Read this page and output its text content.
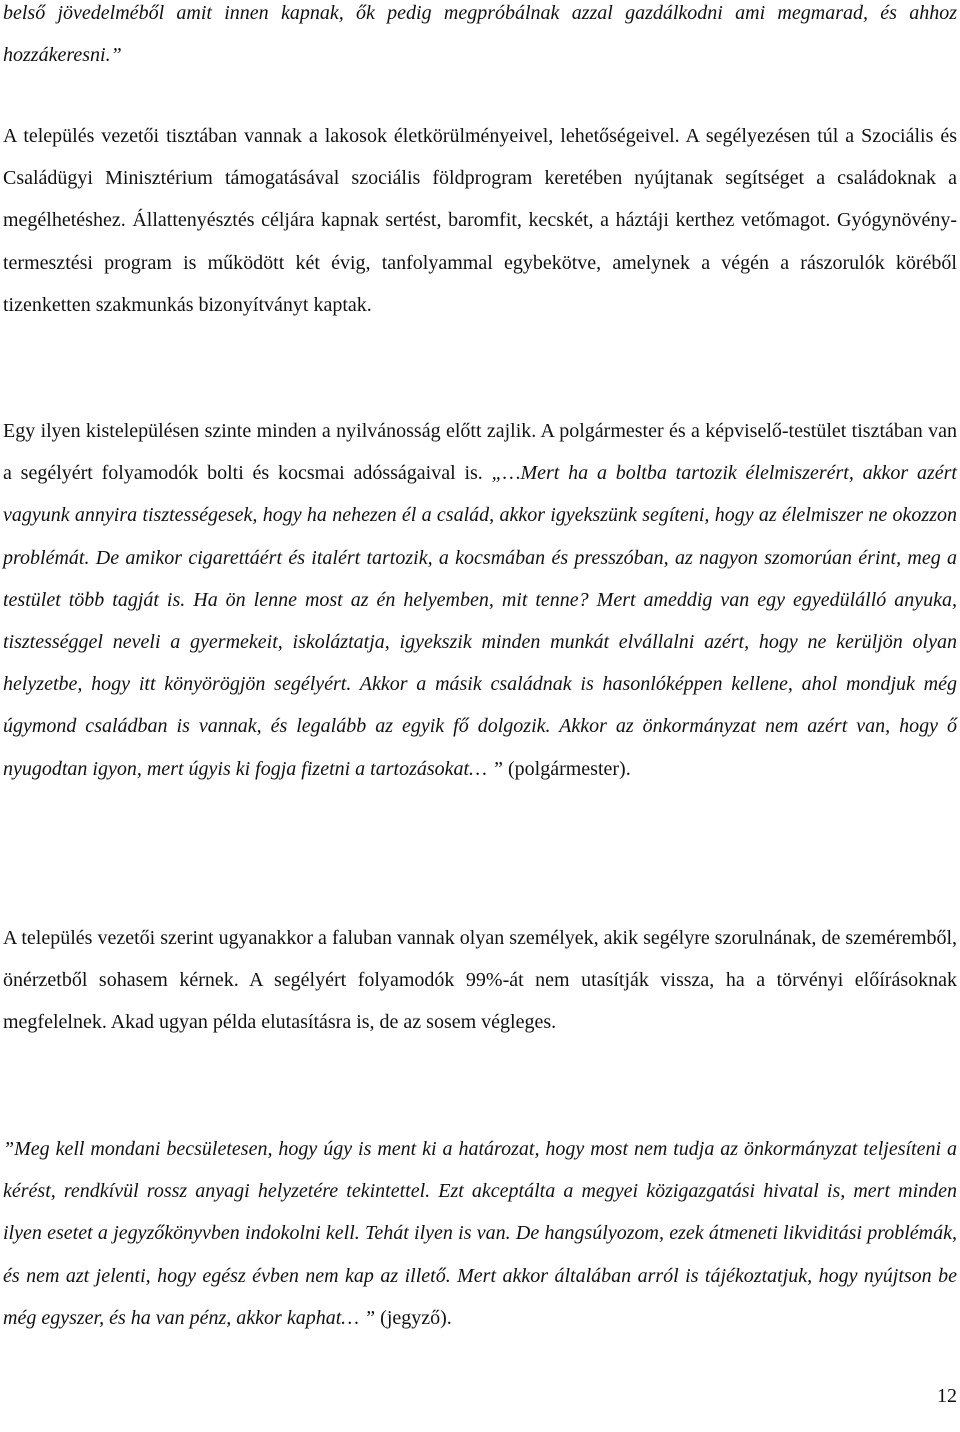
belső jövedelméből amit innen kapnak, ők pedig megpróbálnak azzal gazdálkodni ami megmarad, és ahhoz hozzákeresni.”

A település vezetői tisztában vannak a lakosok életkörülményeivel, lehetőségeivel. A segélyezésen túl a Szociális és Családügyi Minisztérium támogatásával szociális földprogram keretében nyújtanak segítséget a családoknak a megélhetéshez. Állattenyésztés céljára kapnak sertést, baromfit, kecskét, a háztáji kerthez vetőmagot. Gyógynövény-termesztési program is működött két évig, tanfolyammal egybekötve, amelynek a végén a rászorulók köréből tizenketten szakmunkás bizonyítványt kaptak.

Egy ilyen kistelepülésen szinte minden a nyilvánosság előtt zajlik. A polgármester és a képviselő-testület tisztában van a segélyért folyamodók bolti és kocsmai adósságaival is. „…Mert ha a boltba tartozik élelmiszerért, akkor azért vagyunk annyira tisztességesek, hogy ha nehezen él a család, akkor igyekszünk segíteni, hogy az élelmiszer ne okozzon problémát. De amikor cigarettáért és italért tartozik, a kocsmában és presszóban, az nagyon szomorúan érint, meg a testület több tagját is. Ha ön lenne most az én helyemben, mit tenne? Mert ameddig van egy egyedülálló anyuka, tisztességgel neveli a gyermekeit, iskoláztatja, igyekszik minden munkát elvállalni azért, hogy ne kerüljön olyan helyzetbe, hogy itt könyörögjön segélyért. Akkor a másik családnak is hasonlóképpen kellene, ahol mondjuk még úgymond családban is vannak, és legalább az egyik fő dolgozik. Akkor az önkormányzat nem azért van, hogy ő nyugodtan igyon, mert úgyis ki fogja fizetni a tartozásokat… ” (polgármester).

A település vezetői szerint ugyanakkor a faluban vannak olyan személyek, akik segélyre szorulnának, de szeméremből, önérzetből sohasem kérnek. A segélyért folyamodók 99%-át nem utasítják vissza, ha a törvényi előírásoknak megfelelnek. Akad ugyan példa elutasításra is, de az sosem végleges.

”Meg kell mondani becsületesen, hogy úgy is ment ki a határozat, hogy most nem tudja az önkormányzat teljesíteni a kérést, rendkívül rossz anyagi helyzetére tekintettel. Ezt akceptálta a megyei közigazgatási hivatal is, mert minden ilyen esetet a jegyzőkönyvben indokolni kell. Tehát ilyen is van. De hangsúlyozom, ezek átmeneti likviditási problémák, és nem azt jelenti, hogy egész évben nem kap az illető. Mert akkor általában arról is tájékoztatjuk, hogy nyújtson be még egyszer, és ha van pénz, akkor kaphat… ” (jegyző).

12
